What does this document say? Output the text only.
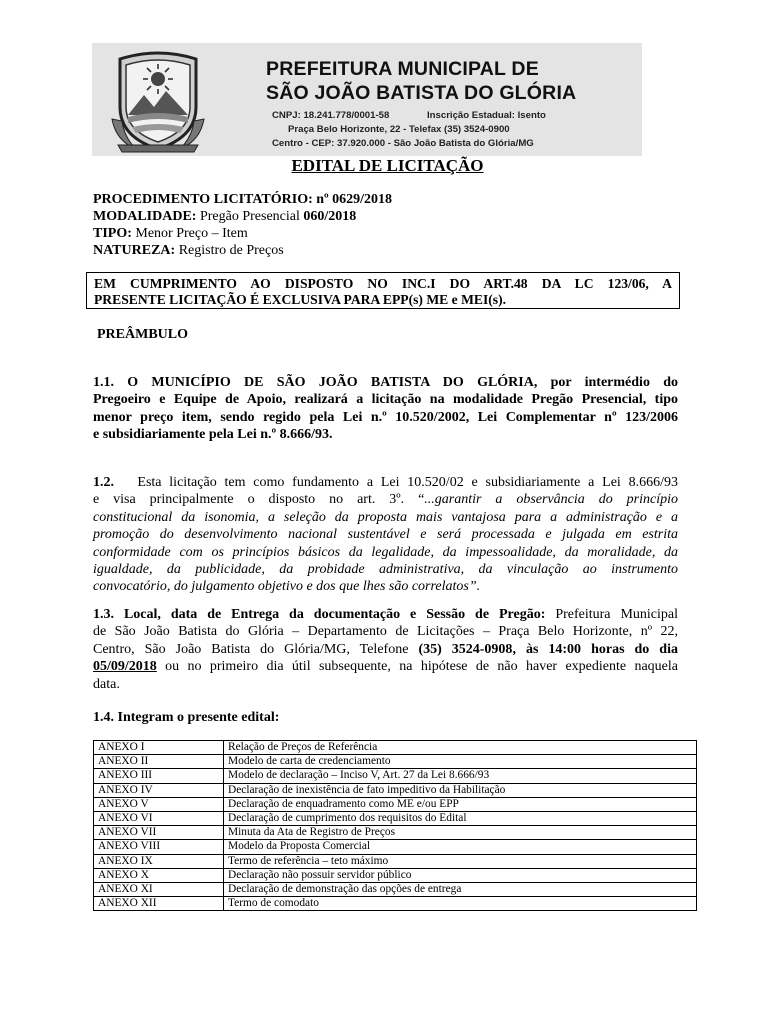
PREFEITURA MUNICIPAL DE
SÃO JOÃO BATISTA DO GLÓRIA
CNPJ: 18.241.778/0001-58	Inscrição Estadual: Isento
Praça Belo Horizonte, 22 - Telefax (35) 3524-0900
Centro - CEP: 37.920.000 - São João Batista do Glória/MG
EDITAL DE LICITAÇÃO
PROCEDIMENTO LICITATÓRIO: nº 0629/2018
MODALIDADE: Pregão Presencial 060/2018
TIPO: Menor Preço – Item
NATUREZA: Registro de Preços
EM CUMPRIMENTO AO DISPOSTO NO INC.I DO ART.48 DA LC 123/06, A
PRESENTE LICITAÇÃO É EXCLUSIVA PARA EPP(s) ME e MEI(s).
PREÂMBULO
1.1. O MUNICÍPIO DE SÃO JOÃO BATISTA DO GLÓRIA, por intermédio do
Pregoeiro e Equipe de Apoio, realizará a licitação na modalidade Pregão Presencial, tipo
menor preço item, sendo regido pela Lei n.º 10.520/2002, Lei Complementar nº 123/2006
e subsidiariamente pela Lei n.º 8.666/93.
1.2. Esta licitação tem como fundamento a Lei 10.520/02 e subsidiariamente a Lei 8.666/93
e visa principalmente o disposto no art. 3º. “...garantir a observância do princípio
constitucional da isonomia, a seleção da proposta mais vantajosa para a administração e a
promoção do desenvolvimento nacional sustentável e será processada e julgada em estrita
conformidade com os princípios básicos da legalidade, da impessoalidade, da moralidade, da
igualdade, da publicidade, da probidade administrativa, da vinculação ao instrumento
convocatório, do julgamento objetivo e dos que lhes são correlatos”.
1.3. Local, data de Entrega da documentação e Sessão de Pregão: Prefeitura Municipal
de São João Batista do Glória – Departamento de Licitações – Praça Belo Horizonte, nº 22,
Centro, São João Batista do Glória/MG, Telefone (35) 3524-0908, às 14:00 horas do dia
05/09/2018 ou no primeiro dia útil subsequente, na hipótese de não haver expediente naquela
data.
1.4. Integram o presente edital:
ANEXO I	Relação de Preços de Referência
ANEXO II	Modelo de carta de credenciamento
ANEXO III	Modelo de declaração – Inciso V, Art. 27 da Lei 8.666/93
ANEXO IV	Declaração de inexistência de fato impeditivo da Habilitação
ANEXO V	Declaração de enquadramento como ME e/ou EPP
ANEXO VI	Declaração de cumprimento dos requisitos do Edital
ANEXO VII	Minuta da Ata de Registro de Preços
ANEXO VIII	Modelo da Proposta Comercial
ANEXO IX	Termo de referência – teto máximo
ANEXO X	Declaração não possuir servidor público
ANEXO XI	Declaração de demonstração das opções de entrega
ANEXO XII	Termo de comodato
